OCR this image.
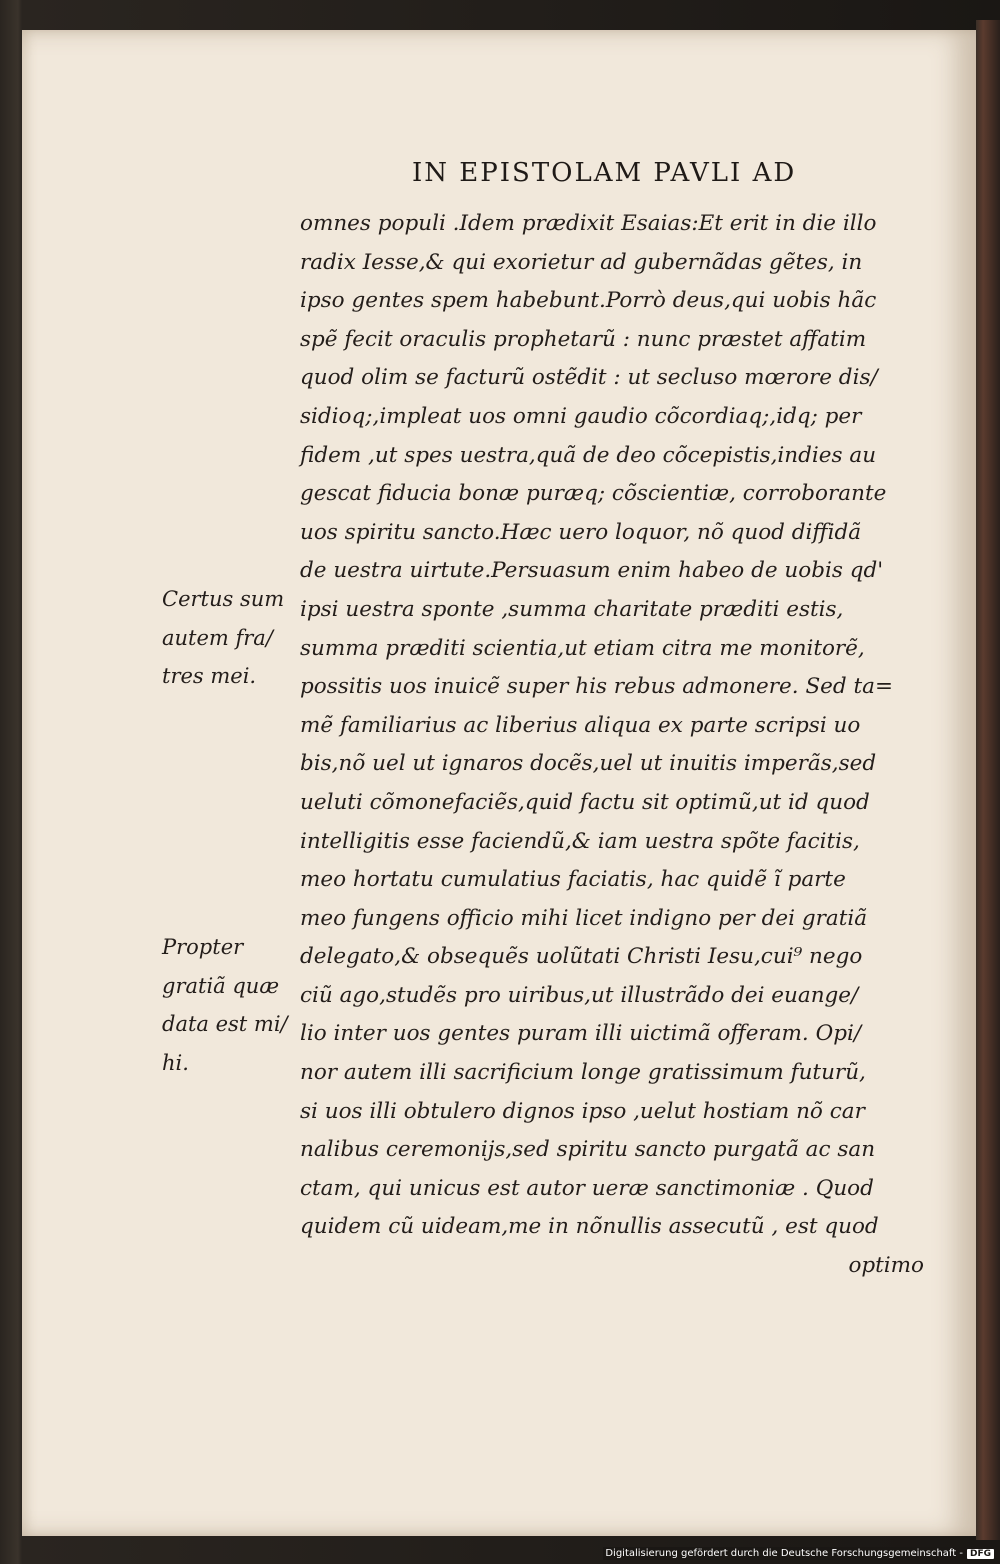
IN EPISTOLAM PAVLI AD
omnes populi .Idem prædixit Esaias:Et erit in die illo
radix Iesse,& qui exorietur ad gubernãdas gẽtes, in
ipso gentes spem habebunt.Porrò deus,qui uobis hãc
spẽ fecit oraculis prophetarũ : nunc præstet affatim
quod olim se facturũ ostẽdit : ut secluso mœrore dis/
sidioq;,impleat uos omni gaudio cõcordiaq;,idq; per
fidem ,ut spes uestra,quã de deo cõcepistis,indies au
gescat fiducia bonæ puræq; cõscientiæ, corroborante
uos spiritu sancto.Hæc uero loquor, nõ quod diffidã
de uestra uirtute.Persuasum enim habeo de uobis qd'
ipsi uestra sponte ,summa charitate præditi estis,
summa præditi scientia,ut etiam citra me monitorẽ,
possitis uos inuicẽ super his rebus admonere. Sed ta=
mẽ familiarius ac liberius aliqua ex parte scripsi uo
bis,nõ uel ut ignaros docẽs,uel ut inuitis imperãs,sed
ueluti cõmonefaciẽs,quid factu sit optimũ,ut id quod
intelligitis esse faciendũ,& iam uestra spõte facitis,
meo hortatu cumulatius faciatis, hac quidẽ ĩ parte
meo fungens officio mihi licet indigno per dei gratiã
delegato,& obsequẽs uolũtati Christi Iesu,cui⁹ nego
ciũ ago,studẽs pro uiribus,ut illustrãdo dei euange/
lio inter uos gentes puram illi uictimã offeram. Opi/
nor autem illi sacrificium longe gratissimum futurũ,
si uos illi obtulero dignos ipso ,uelut hostiam nõ car
nalibus ceremonijs,sed spiritu sancto purgatã ac san
ctam, qui unicus est autor ueræ sanctimoniæ . Quod
quidem cũ uideam,me in nõnullis assecutũ , est quod
optimo
Certus sum
autem fra/
tres mei.
Propter
gratiã quæ
data est mi/
hi.
Digitalisierung gefördert durch die Deutsche Forschungsgemeinschaft - DFG
